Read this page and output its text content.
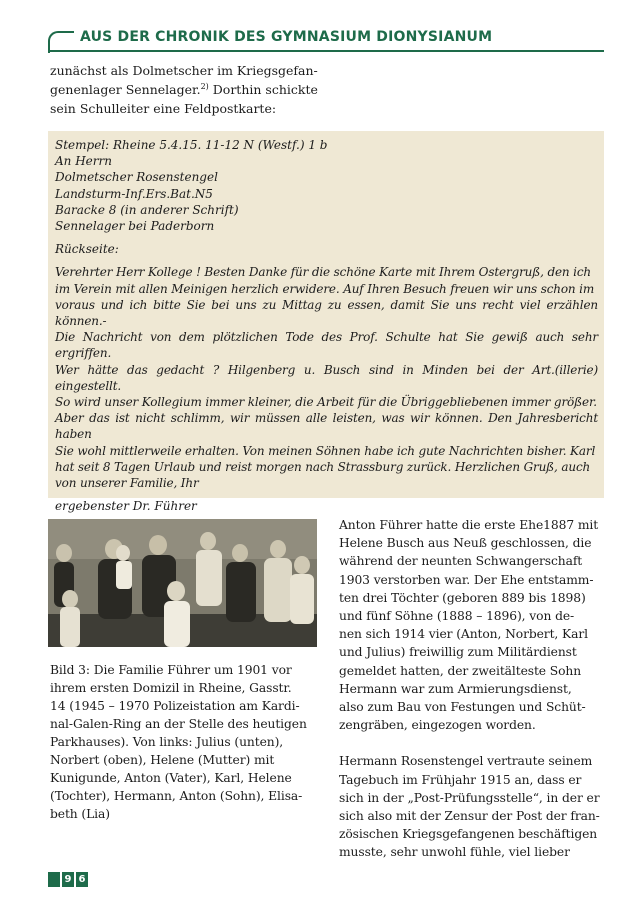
AUS DER CHRONIK DES GYMNASIUM DIONYSIANUM
zunächst als Dolmetscher im Kriegsgefan-
genenlager Sennelager.$^{2)}$ Dorthin schickte
sein Schulleiter eine Feldpostkarte:

Stempel: Rheine 5.4.15. 11-12 N (Westf.) 1 b

An Herrn

Dolmetscher Rosenstengel

Landsturm-Inf.Ers.Bat.N5

Baracke 8 (in anderer Schrift)

Sennelager bei Paderborn

Rückseite:

Verehrter Herr Kollege ! Besten Danke für die schöne Karte mit Ihrem Ostergruß, den ich

im Verein mit allen Meinigen herzlich erwidere. Auf Ihren Besuch freuen wir uns schon im

voraus und ich bitte Sie bei uns zu Mittag zu essen, damit Sie uns recht viel erzählen können.-

Die Nachricht von dem plötzlichen Tode des Prof. Schulte hat Sie gewiß auch sehr ergriffen.

Wer hätte das gedacht ? Hilgenberg u. Busch sind in Minden bei der Art.(illerie) eingestellt.

So wird unser Kollegium immer kleiner, die Arbeit für die Übriggebliebenen immer größer.

Aber das ist nicht schlimm, wir müssen alle leisten, was wir können. Den Jahresbericht haben

Sie wohl mittlerweile erhalten. Von meinen Söhnen habe ich gute Nachrichten bisher. Karl

hat seit 8 Tagen Urlaub und reist morgen nach Strassburg zurück. Herzlichen Gruß, auch

von unserer Familie, Ihr

ergebenster Dr. Führer

Bild 3: Die Familie Führer um 1901 vor
ihrem ersten Domizil in Rheine, Gasstr.
14 (1945 – 1970 Polizeistation am Kardi-
nal-Galen-Ring an der Stelle des heutigen
Parkhauses). Von links: Julius (unten),
Norbert (oben), Helene (Mutter) mit
Kunigunde, Anton (Vater), Karl, Helene
(Tochter), Hermann, Anton (Sohn), Elisa-
beth (Lia)
Anton Führer hatte die erste Ehe1887 mit
Helene Busch aus Neuß geschlossen, die
während der neunten Schwangerschaft
1903 verstorben war. Der Ehe entstamm-
ten drei Töchter (geboren 889 bis 1898)
und fünf Söhne (1888 – 1896), von de-
nen sich 1914 vier (Anton, Norbert, Karl
und Julius) freiwillig zum Militärdienst
gemeldet hatten, der zweitälteste Sohn
Hermann war zum Armierungsdienst,
also zum Bau von Festungen und Schüt-
zengräben, eingezogen worden.
Hermann Rosenstengel vertraute seinem
Tagebuch im Frühjahr 1915 an, dass er
sich in der „Post-Prüfungsstelle“, in der er
sich also mit der Zensur der Post der fran-
zösischen Kriegsgefangenen beschäftigen
musste, sehr unwohl fühle, viel lieber
9 6
